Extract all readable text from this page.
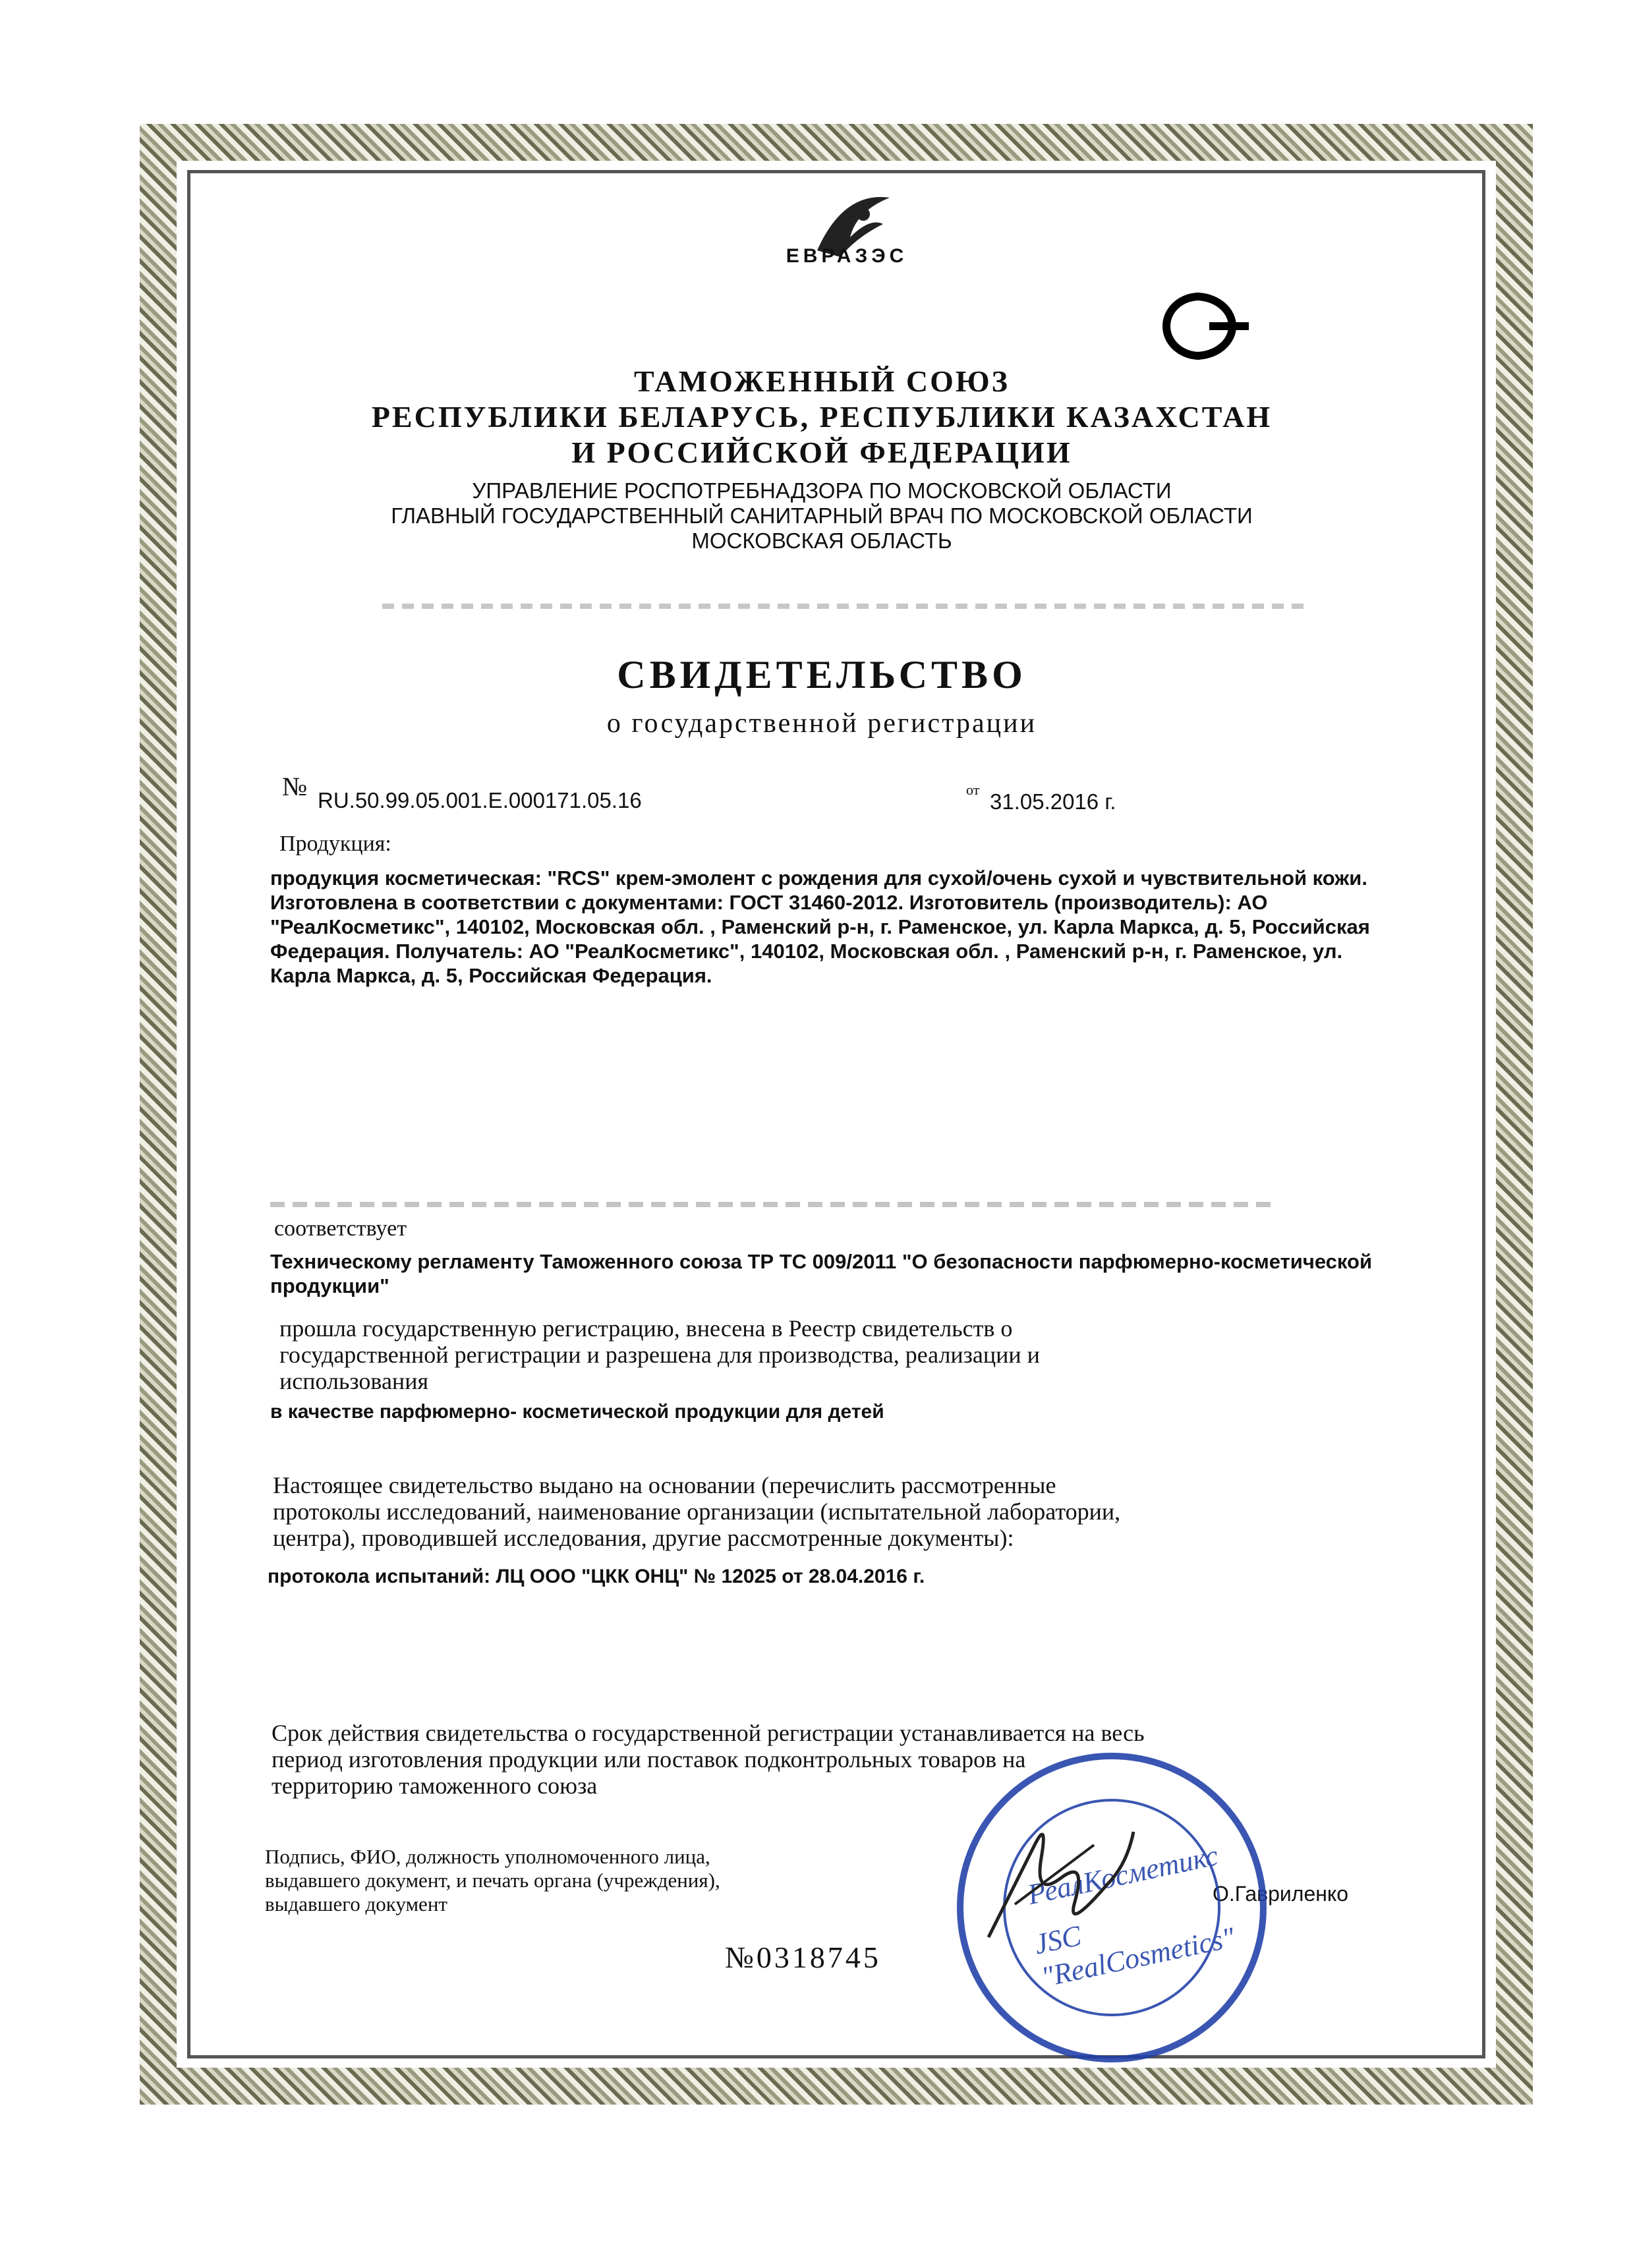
ЕВРАЗЭС
ТАМОЖЕННЫЙ СОЮЗ
РЕСПУБЛИКИ БЕЛАРУСЬ, РЕСПУБЛИКИ КАЗАХСТАН
И РОССИЙСКОЙ ФЕДЕРАЦИИ
УПРАВЛЕНИЕ РОСПОТРЕБНАДЗОРА ПО МОСКОВСКОЙ ОБЛАСТИ
ГЛАВНЫЙ ГОСУДАРСТВЕННЫЙ САНИТАРНЫЙ ВРАЧ ПО МОСКОВСКОЙ ОБЛАСТИ
МОСКОВСКАЯ ОБЛАСТЬ
СВИДЕТЕЛЬСТВО
о государственной регистрации
№ RU.50.99.05.001.E.000171.05.16	от 31.05.2016 г.
Продукция:
продукция косметическая: "RCS" крем-эмолент с рождения для сухой/очень сухой и чувствительной кожи.
Изготовлена в соответствии с документами: ГОСТ 31460-2012. Изготовитель (производитель): АО
"РеалКосметикс", 140102, Московская обл. , Раменский р-н, г. Раменское, ул. Карла Маркса, д. 5, Российская
Федерация. Получатель: АО "РеалКосметикс", 140102, Московская обл. , Раменский р-н, г. Раменское, ул.
Карла Маркса, д. 5, Российская Федерация.
соответствует
Техническому регламенту Таможенного союза ТР ТС 009/2011 "О безопасности парфюмерно-косметической
продукции"
прошла государственную регистрацию, внесена в Реестр свидетельств о
государственной регистрации и разрешена для производства, реализации и
использования
в качестве парфюмерно- косметической продукции для детей
Настоящее свидетельство выдано на основании (перечислить рассмотренные
протоколы исследований, наименование организации (испытательной лаборатории,
центра), проводившей исследования, другие рассмотренные документы):
протокола испытаний: ЛЦ ООО "ЦКК ОНЦ" № 12025 от 28.04.2016 г.
Срок действия свидетельства о государственной регистрации устанавливается на весь
период изготовления продукции или поставок подконтрольных товаров на
территорию таможенного союза
Подпись, ФИО, должность уполномоченного лица,
выдавшего документ, и печать органа (учреждения),
выдавшего документ	О.Гавриленко
№0318745
РеалКосметикс
JSC "RealCosmetics"
